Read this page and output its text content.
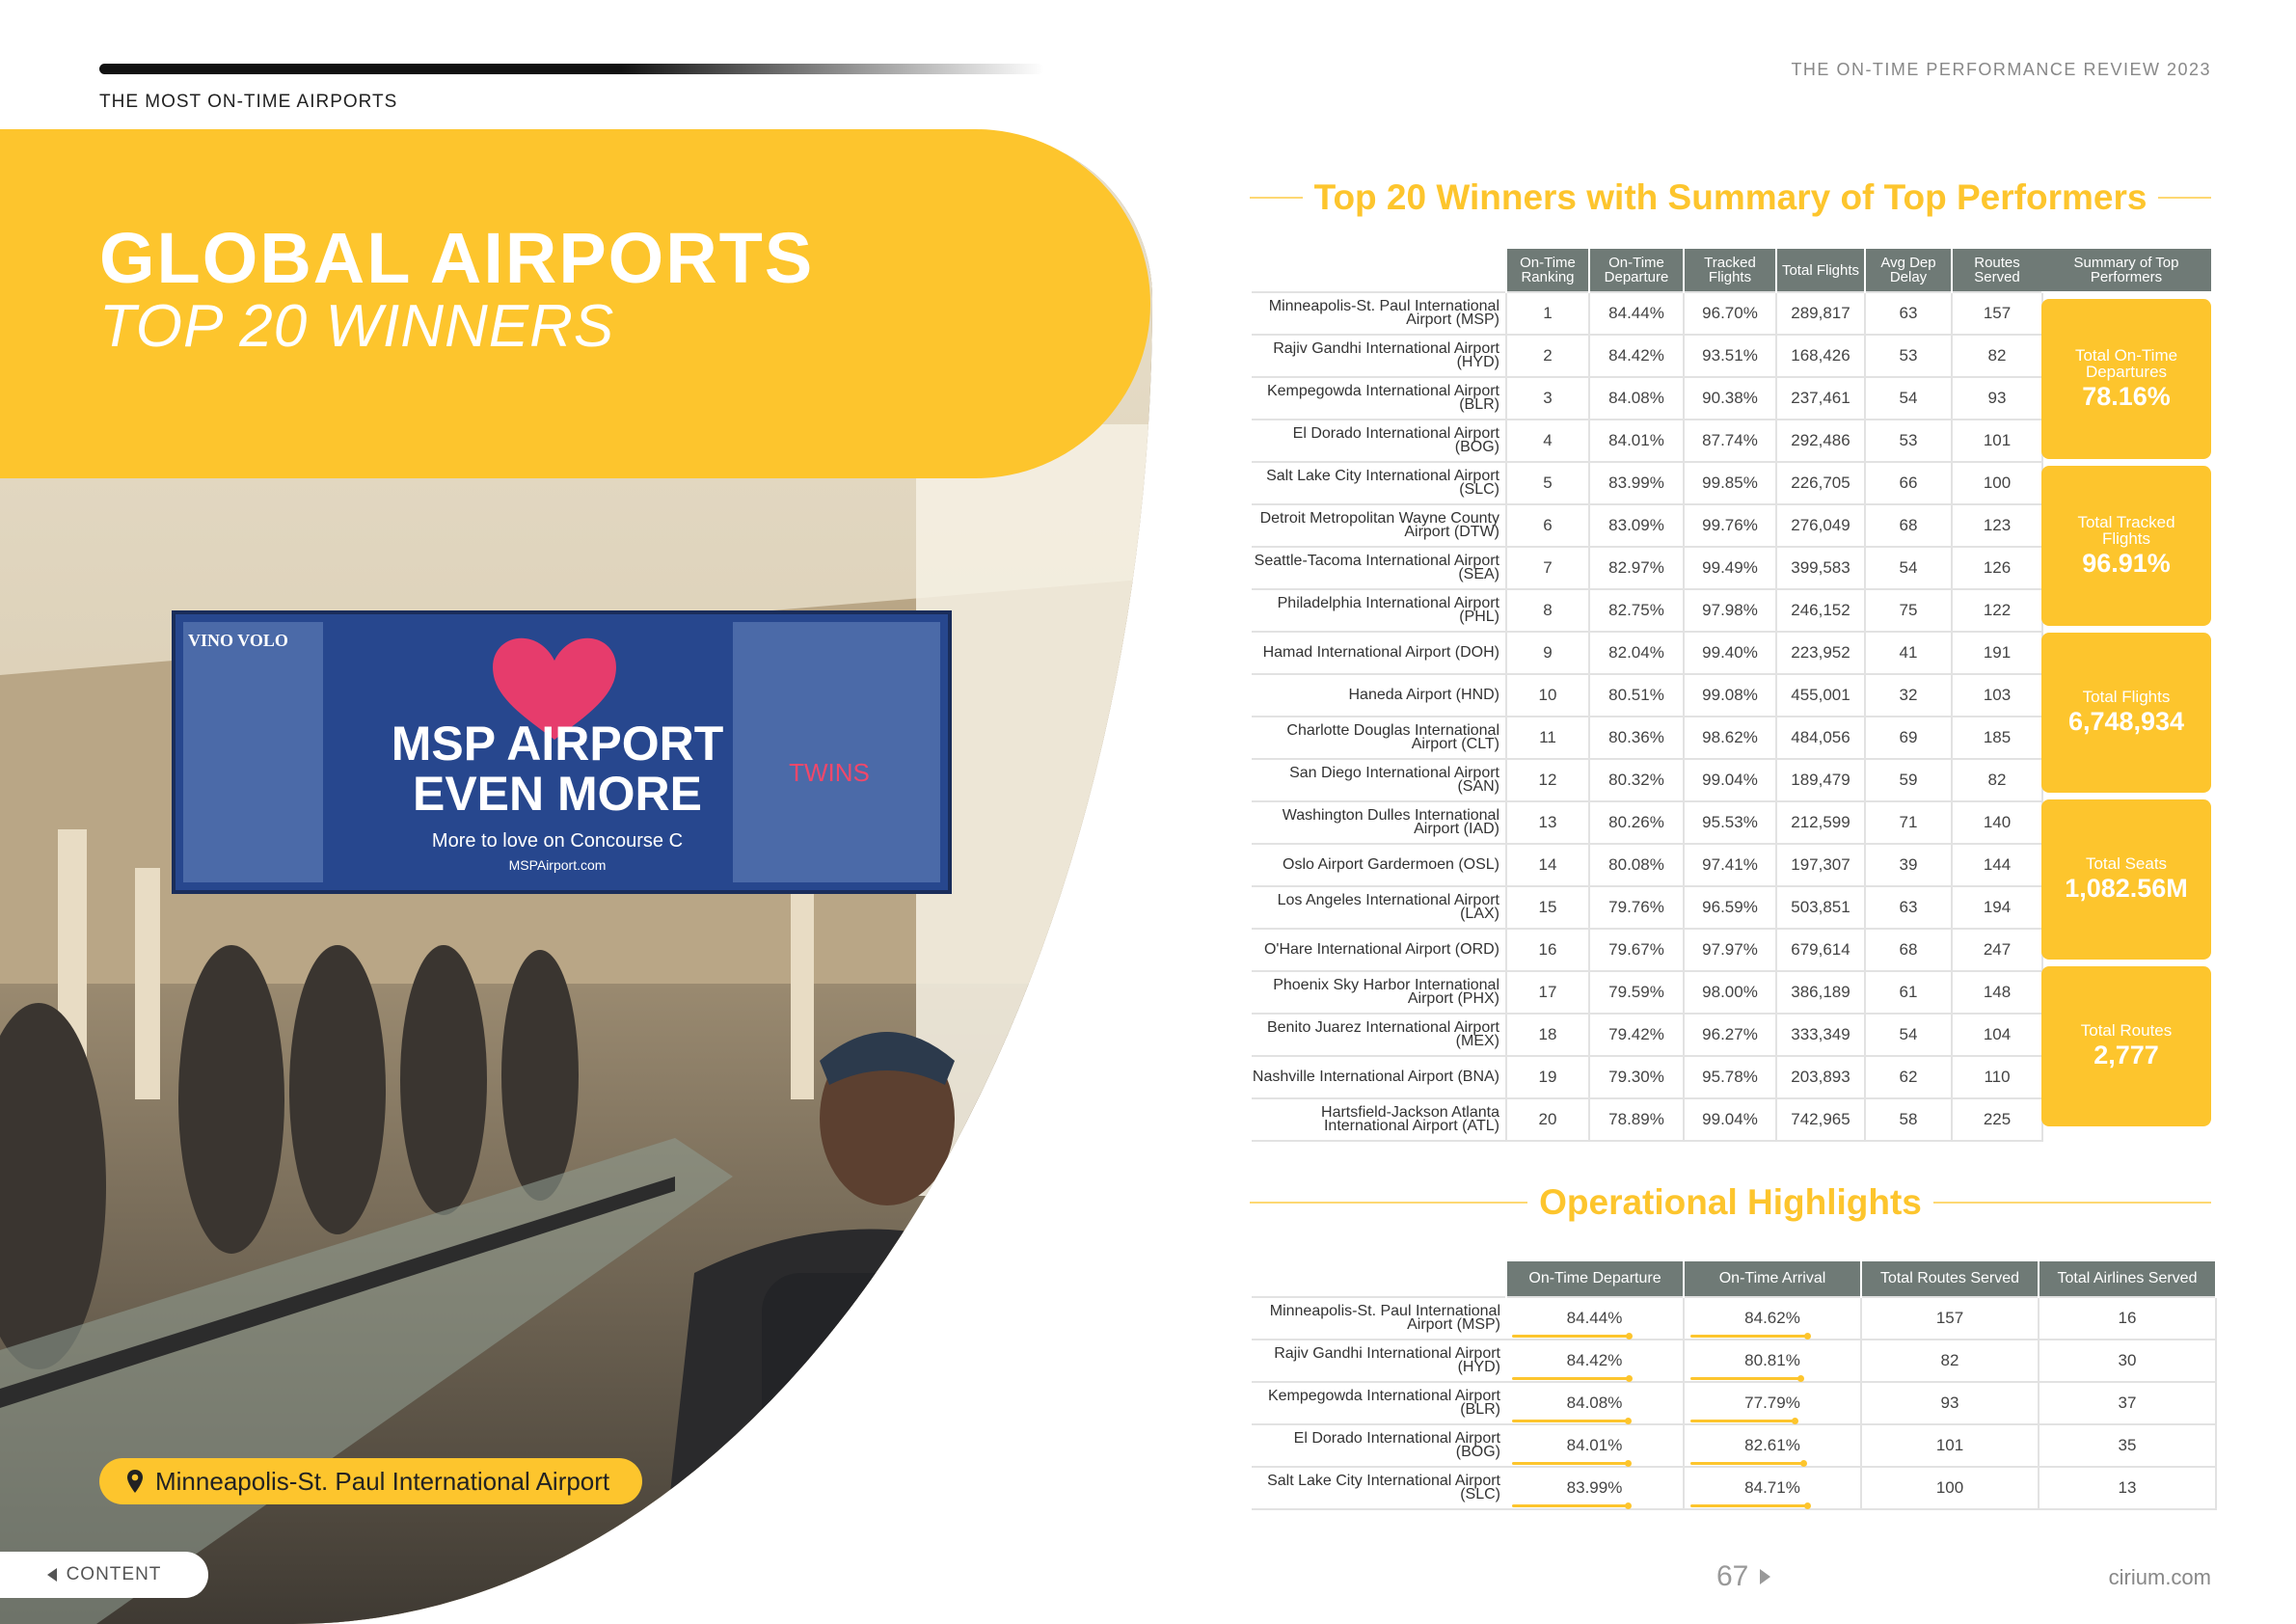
THE MOST ON-TIME AIRPORTS
VINO VOLO
MSP AIRPORT
EVEN MORE
More to love on Concourse C
MSPAirport.com
TWINS
GLOBAL AIRPORTS
TOP 20 WINNERS
Minneapolis-St. Paul International Airport
CONTENT	66
THE ON-TIME PERFORMANCE REVIEW 2023
Top 20 Winners with Summary of Top Performers
	On-Time Ranking	On-Time Departure	Tracked Flights	Total Flights	Avg Dep Delay	Routes Served
Minneapolis-St. Paul International Airport (MSP)	1	84.44%	96.70%	289,817	63	157
Rajiv Gandhi International Airport (HYD)	2	84.42%	93.51%	168,426	53	82
Kempegowda International Airport (BLR)	3	84.08%	90.38%	237,461	54	93
El Dorado International Airport (BOG)	4	84.01%	87.74%	292,486	53	101
Salt Lake City International Airport (SLC)	5	83.99%	99.85%	226,705	66	100
Detroit Metropolitan Wayne County Airport (DTW)	6	83.09%	99.76%	276,049	68	123
Seattle-Tacoma International Airport (SEA)	7	82.97%	99.49%	399,583	54	126
Philadelphia International Airport (PHL)	8	82.75%	97.98%	246,152	75	122
Hamad International Airport (DOH)	9	82.04%	99.40%	223,952	41	191
Haneda Airport (HND)	10	80.51%	99.08%	455,001	32	103
Charlotte Douglas International Airport (CLT)	11	80.36%	98.62%	484,056	69	185
San Diego International Airport (SAN)	12	80.32%	99.04%	189,479	59	82
Washington Dulles International Airport (IAD)	13	80.26%	95.53%	212,599	71	140
Oslo Airport Gardermoen (OSL)	14	80.08%	97.41%	197,307	39	144
Los Angeles International Airport (LAX)	15	79.76%	96.59%	503,851	63	194
O'Hare International Airport (ORD)	16	79.67%	97.97%	679,614	68	247
Phoenix Sky Harbor International Airport (PHX)	17	79.59%	98.00%	386,189	61	148
Benito Juarez International Airport (MEX)	18	79.42%	96.27%	333,349	54	104
Nashville International Airport (BNA)	19	79.30%	95.78%	203,893	62	110
Hartsfield-Jackson Atlanta International Airport (ATL)	20	78.89%	99.04%	742,965	58	225
Summary of Top Performers
Total On-Time Departures
78.16%
Total Tracked Flights
96.91%
Total Flights
6,748,934
Total Seats
1,082.56M
Total Routes
2,777
Operational Highlights
	On-Time Departure	On-Time Arrival	Total Routes Served	Total Airlines Served
Minneapolis-St. Paul International Airport (MSP)	84.44%	84.62%	157	16
Rajiv Gandhi International Airport (HYD)	84.42%	80.81%	82	30
Kempegowda International Airport (BLR)	84.08%	77.79%	93	37
El Dorado International Airport (BOG)	84.01%	82.61%	101	35
Salt Lake City International Airport (SLC)	83.99%	84.71%	100	13
67	cirium.com
